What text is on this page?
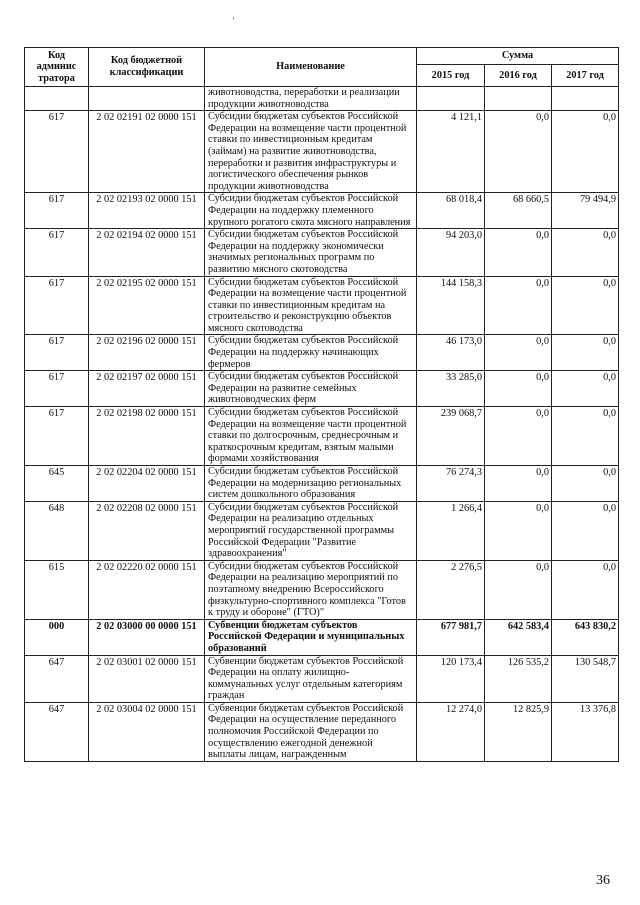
Код админис тратора	Код бюджетной классификации	Наименование	Сумма		
			2015 год	2016 год	2017 год
		животноводства, переработки и реализации продукции животноводства			
617	2 02 02191 02 0000 151	Субсидии бюджетам субъектов Российской Федерации на возмещение части процентной ставки по инвестиционным кредитам (займам) на развитие животноводства, переработки и развития инфраструктуры и логистического обеспечения рынков продукции животноводства	4 121,1	0,0	0,0
617	2 02 02193 02 0000 151	Субсидии бюджетам субъектов Российской Федерации на поддержку племенного крупного рогатого скота мясного направления	68 018,4	68 660,5	79 494,9
617	2 02 02194 02 0000 151	Субсидии бюджетам субъектов Российской Федерации на поддержку экономически значимых региональных программ по развитию мясного скотоводства	94 203,0	0,0	0,0
617	2 02 02195 02 0000 151	Субсидии бюджетам субъектов Российской Федерации на возмещение части процентной ставки по инвестиционным кредитам на строительство и реконструкцию объектов мясного скотоводства	144 158,3	0,0	0,0
617	2 02 02196 02 0000 151	Субсидии бюджетам субъектов Российской Федерации на поддержку начинающих фермеров	46 173,0	0,0	0,0
617	2 02 02197 02 0000 151	Субсидии бюджетам субъектов Российской Федерации на развитие семейных животноводческих ферм	33 285,0	0,0	0,0
617	2 02 02198 02 0000 151	Субсидии бюджетам субъектов Российской Федерации на возмещение части процентной ставки по долгосрочным, среднесрочным и краткосрочным кредитам, взятым малыми формами хозяйствования	239 068,7	0,0	0,0
645	2 02 02204 02 0000 151	Субсидии бюджетам субъектов Российской Федерации на модернизацию региональных систем дошкольного образования	76 274,3	0,0	0,0
648	2 02 02208 02 0000 151	Субсидии бюджетам субъектов Российской Федерации на реализацию отдельных мероприятий государственной программы Российской Федерации "Развитие здравоохранения"	1 266,4	0,0	0,0
615	2 02 02220 02 0000 151	Субсидии бюджетам субъектов Российской Федерации на реализацию мероприятий по поэтапному внедрению Всероссийского физкультурно-спортивного комплекса "Готов к труду и обороне" (ГТО)"	2 276,5	0,0	0,0
000	2 02 03000 00 0000 151	Субвенции бюджетам субъектов Российской Федерации и муниципальных образований	677 981,7	642 583,4	643 830,2
647	2 02 03001 02 0000 151	Субвенции бюджетам субъектов Российской Федерации на оплату жилищно-коммунальных услуг отдельным категориям граждан	120 173,4	126 535,2	130 548,7
647	2 02 03004 02 0000 151	Субвенции бюджетам субъектов Российской Федерации на осуществление переданного полномочия Российской Федерации по осуществлению ежегодной денежной выплаты лицам, награжденным	12 274,0	12 825,9	13 376,8
36
